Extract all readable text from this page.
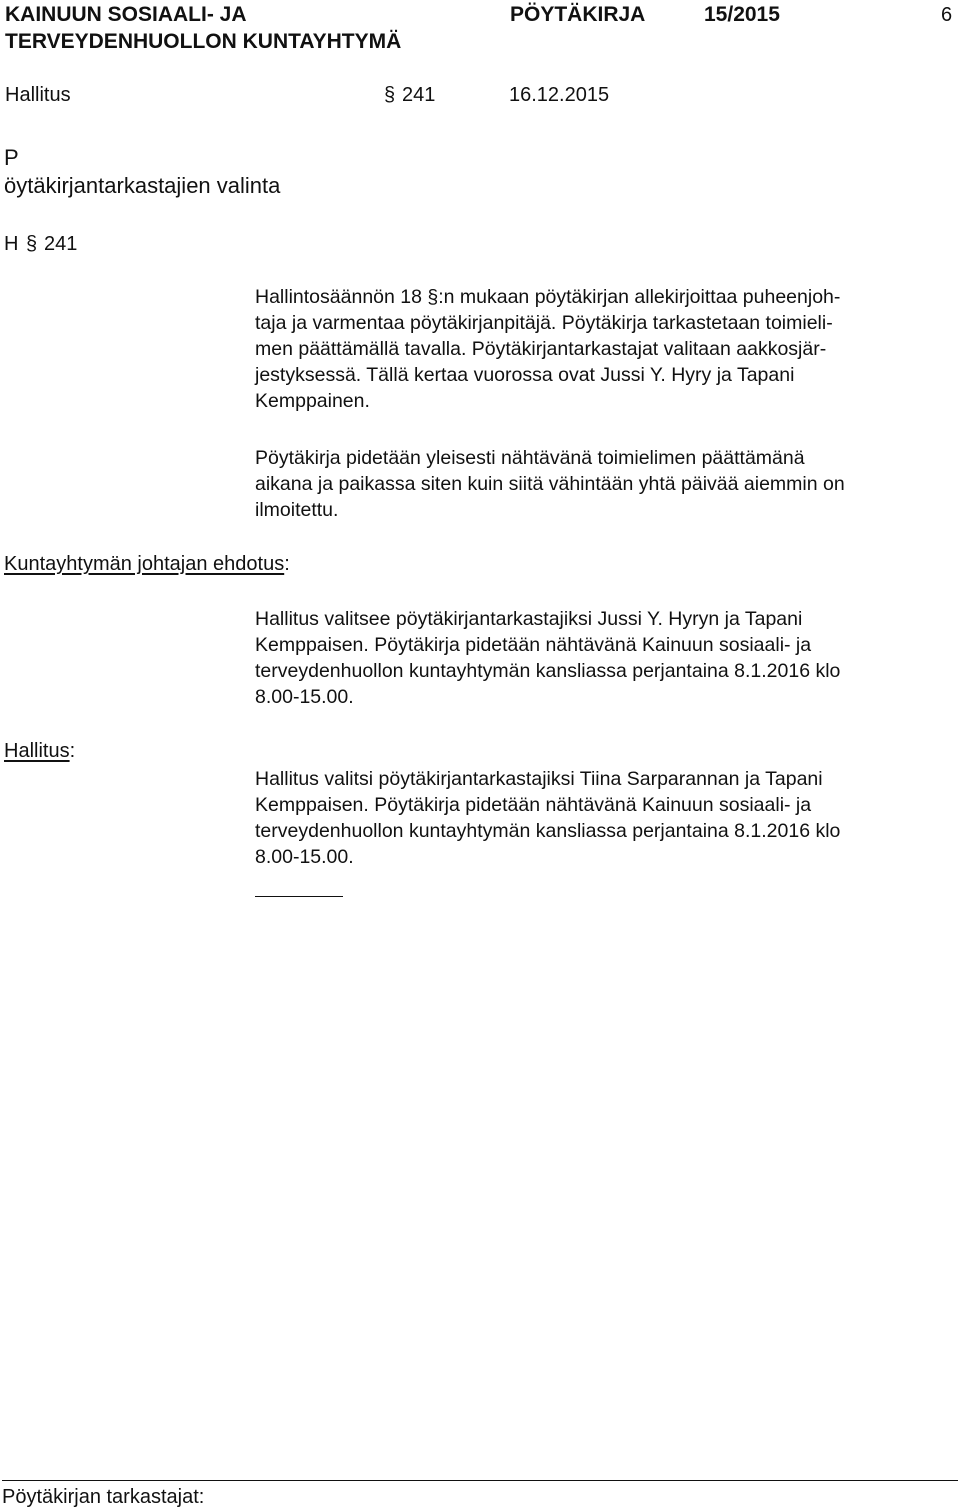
KAINUUN SOSIAALI- JA
TERVEYDENHUOLLON KUNTAYHTYMÄ
PÖYTÄKIRJA	15/2015	6
Hallitus	§ 241	16.12.2015
P
öytäkirjantarkastajien valinta
H § 241

Hallintosäännön 18 §:n mukaan pöytäkirjan allekirjoittaa puheenjoh-

taja ja varmentaa pöytäkirjanpitäjä. Pöytäkirja tarkastetaan toimieli-

men päättämällä tavalla. Pöytäkirjantarkastajat valitaan aakkosjär-

jestyksessä. Tällä kertaa vuorossa ovat Jussi Y. Hyry ja Tapani

Kemppainen.

Pöytäkirja pidetään yleisesti nähtävänä toimielimen päättämänä

aikana ja paikassa siten kuin siitä vähintään yhtä päivää aiemmin on

ilmoitettu.

Kuntayhtymän johtajan ehdotus:

Hallitus valitsee pöytäkirjantarkastajiksi Jussi Y. Hyryn ja Tapani

Kemppaisen. Pöytäkirja pidetään nähtävänä Kainuun sosiaali- ja

terveydenhuollon kuntayhtymän kansliassa perjantaina 8.1.2016 klo

8.00-15.00.

Hallitus:

Hallitus valitsi pöytäkirjantarkastajiksi Tiina Sarparannan ja Tapani

Kemppaisen. Pöytäkirja pidetään nähtävänä Kainuun sosiaali- ja

terveydenhuollon kuntayhtymän kansliassa perjantaina 8.1.2016 klo

8.00-15.00.

Pöytäkirjan tarkastajat:
